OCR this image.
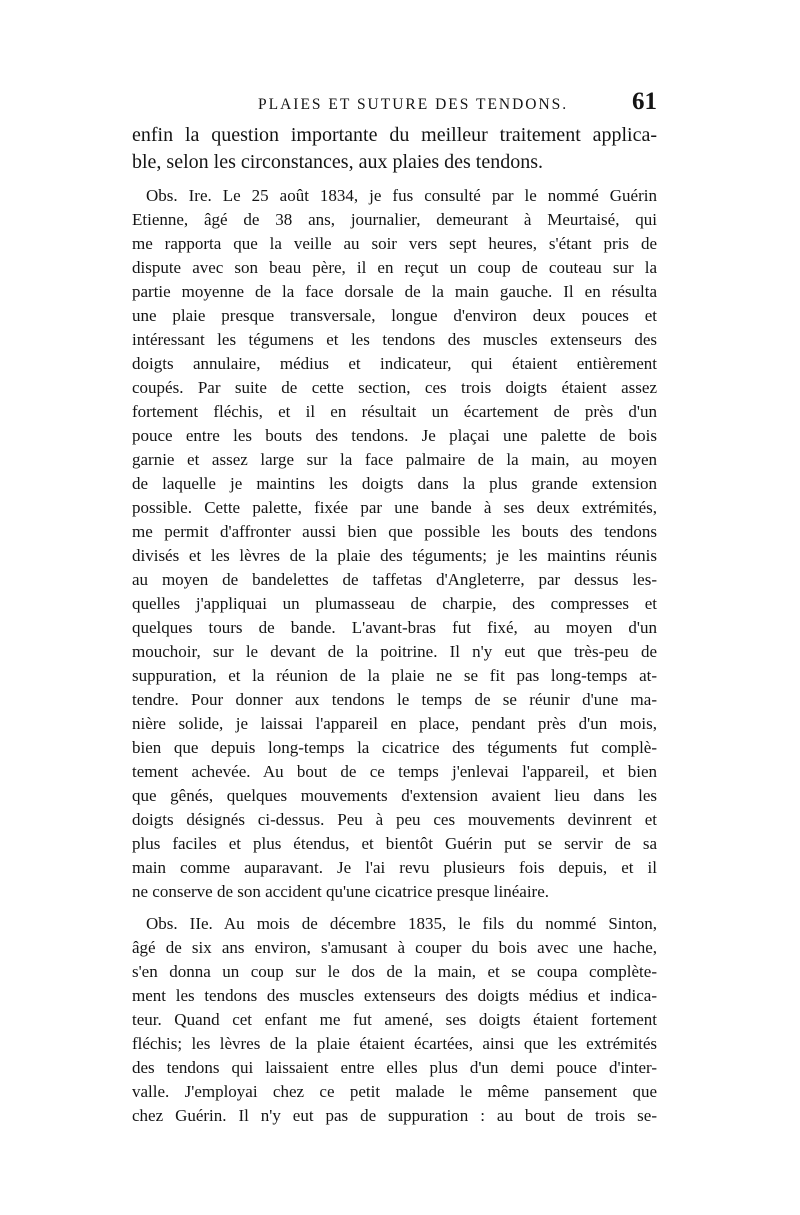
PLAIES ET SUTURE DES TENDONS.	61
enfin la question importante du meilleur traitement applica-
ble, selon les circonstances, aux plaies des tendons.
Obs. Ire. Le 25 août 1834, je fus consulté par le nommé Guérin
Etienne, âgé de 38 ans, journalier, demeurant à Meurtaisé, qui
me rapporta que la veille au soir vers sept heures, s'étant pris de
dispute avec son beau père, il en reçut un coup de couteau sur la
partie moyenne de la face dorsale de la main gauche. Il en résulta
une plaie presque transversale, longue d'environ deux pouces et
intéressant les tégumens et les tendons des muscles extenseurs des
doigts annulaire, médius et indicateur, qui étaient entièrement
coupés. Par suite de cette section, ces trois doigts étaient assez
fortement fléchis, et il en résultait un écartement de près d'un
pouce entre les bouts des tendons. Je plaçai une palette de bois
garnie et assez large sur la face palmaire de la main, au moyen
de laquelle je maintins les doigts dans la plus grande extension
possible. Cette palette, fixée par une bande à ses deux extrémités,
me permit d'affronter aussi bien que possible les bouts des tendons
divisés et les lèvres de la plaie des téguments; je les maintins réunis
au moyen de bandelettes de taffetas d'Angleterre, par dessus les-
quelles j'appliquai un plumasseau de charpie, des compresses et
quelques tours de bande. L'avant-bras fut fixé, au moyen d'un
mouchoir, sur le devant de la poitrine. Il n'y eut que très-peu de
suppuration, et la réunion de la plaie ne se fit pas long-temps at-
tendre. Pour donner aux tendons le temps de se réunir d'une ma-
nière solide, je laissai l'appareil en place, pendant près d'un mois,
bien que depuis long-temps la cicatrice des téguments fut complè-
tement achevée. Au bout de ce temps j'enlevai l'appareil, et bien
que gênés, quelques mouvements d'extension avaient lieu dans les
doigts désignés ci-dessus. Peu à peu ces mouvements devinrent et
plus faciles et plus étendus, et bientôt Guérin put se servir de sa
main comme auparavant. Je l'ai revu plusieurs fois depuis, et il
ne conserve de son accident qu'une cicatrice presque linéaire.
Obs. IIe. Au mois de décembre 1835, le fils du nommé Sinton,
âgé de six ans environ, s'amusant à couper du bois avec une hache,
s'en donna un coup sur le dos de la main, et se coupa complète-
ment les tendons des muscles extenseurs des doigts médius et indica-
teur. Quand cet enfant me fut amené, ses doigts étaient fortement
fléchis; les lèvres de la plaie étaient écartées, ainsi que les extrémités
des tendons qui laissaient entre elles plus d'un demi pouce d'inter-
valle. J'employai chez ce petit malade le même pansement que
chez Guérin. Il n'y eut pas de suppuration : au bout de trois se-
